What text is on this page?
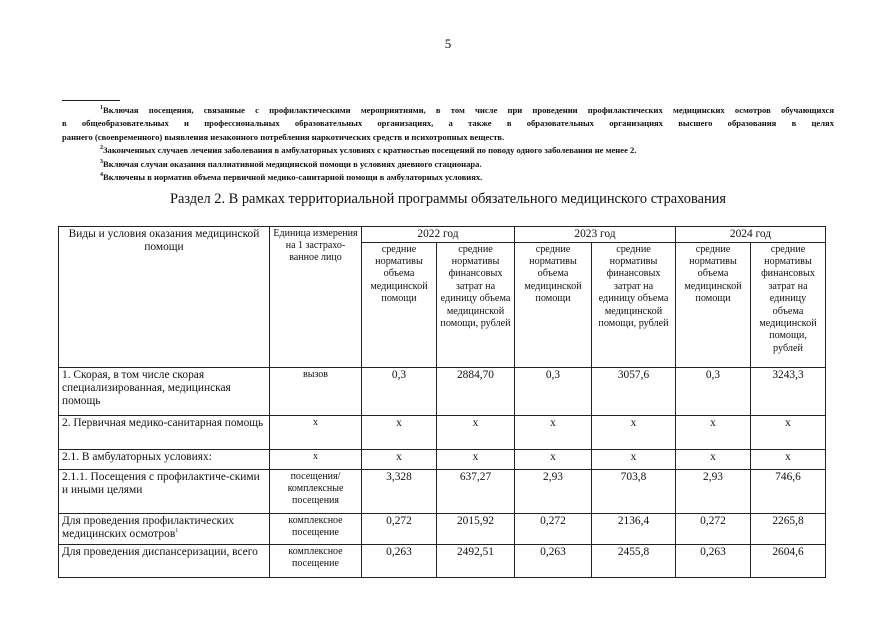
5

$^1$Включая посещения, связанные с профилактическими мероприятиями, в том числе при проведении профилактических медицинских осмотров обучающихся

в общеобразовательных и профессиональных образовательных организациях, а также в образовательных организациях высшего образования в целях

раннего (своевременного) выявления незаконного потребления наркотических средств и психотропных веществ.

$^2$Законченных случаев лечения заболевания в амбулаторных условиях с кратностью посещений по поводу одного заболевания не менее 2.

$^3$Включая случаи оказания паллиативной медицинской помощи в условиях дневного стационара.

$^4$Включены в норматив объема первичной медико-санитарной помощи в амбулаторных условиях.

Раздел 2. В рамках территориальной программы обязательного медицинского страхования
Виды и условия оказания медицинской помощи	Единица измерения на 1 застрахо-ванное лицо	2022 год		2023 год		2024 год	
		средние нормативы объема медицинской помощи	средние нормативы финансовых затрат на единицу объема медицинской помощи, рублей	средние нормативы объема медицинской помощи	средние нормативы финансовых затрат на единицу объема медицинской помощи, рублей	средние нормативы объема медицинской помощи	средние нормативы финансовых затрат на единицу объема медицинской помощи, рублей
1. Скорая, в том числе скорая специализированная, медицинская помощь	вызов	0,3	2884,70	0,3	3057,6	0,3	3243,3
2. Первичная медико-санитарная помощь	х	х	х	х	х	х	х
2.1. В амбулаторных условиях:	х	х	х	х	х	х	х
2.1.1. Посещения с профилактиче-скими и иными целями	посещения/ комплексные посещения	3,328	637,27	2,93	703,8	2,93	746,6
Для проведения профилактических медицинских осмотров$^1$	комплексное посещение	0,272	2015,92	0,272	2136,4	0,272	2265,8
Для проведения диспансеризации, всего	комплексное посещение	0,263	2492,51	0,263	2455,8	0,263	2604,6
